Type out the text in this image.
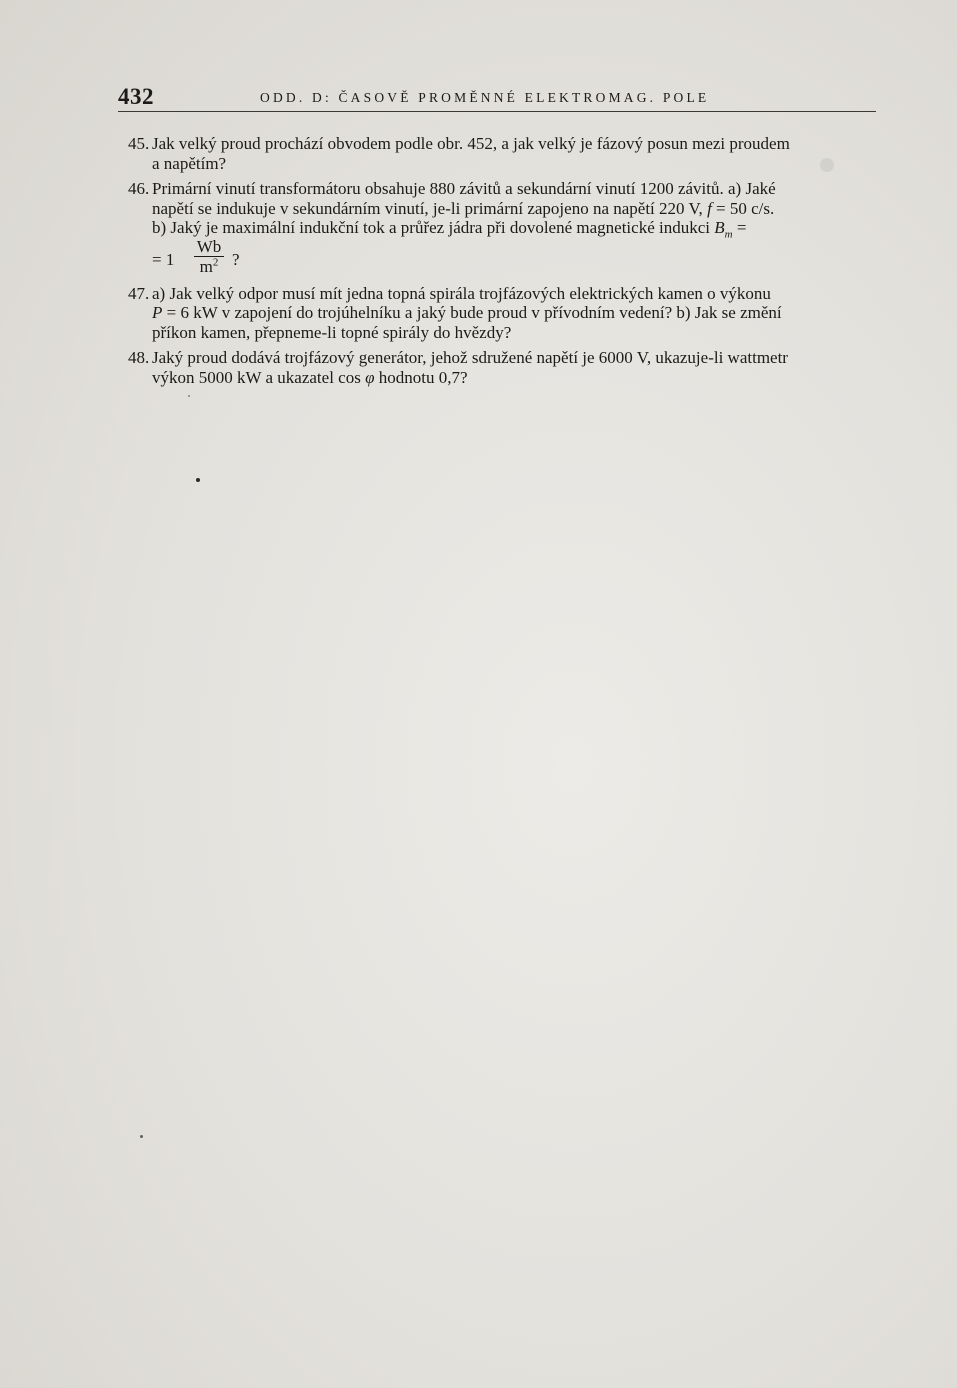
432	ODD. D: ČASOVĚ PROMĚNNÉ ELEKTROMAG. POLE
45. Jak velký proud prochází obvodem podle obr. 452, a jak velký je fázový posun mezi proudem
a napětím?
46. Primární vinutí transformátoru obsahuje 880 závitů a sekundární vinutí 1200 závitů. a) Jaké
napětí se indukuje v sekundárním vinutí, je-li primární zapojeno na napětí 220 V, f = 50 c/s.
b) Jaký je maximální indukční tok a průřez jádra při dovolené magnetické indukci $B_m$ =
= $1 \frac{Wb}{m^2}$ ?
47. a) Jak velký odpor musí mít jedna topná spirála trojfázových elektrických kamen o výkonu
P = 6 kW v zapojení do trojúhelníku a jaký bude proud v přívodním vedení? b) Jak se změní
příkon kamen, přepneme-li topné spirály do hvězdy?
48. Jaký proud dodává trojfázový generátor, jehož sdružené napětí je 6000 V, ukazuje-li wattmetr
výkon 5000 kW a ukazatel cos φ hodnotu 0,7?
